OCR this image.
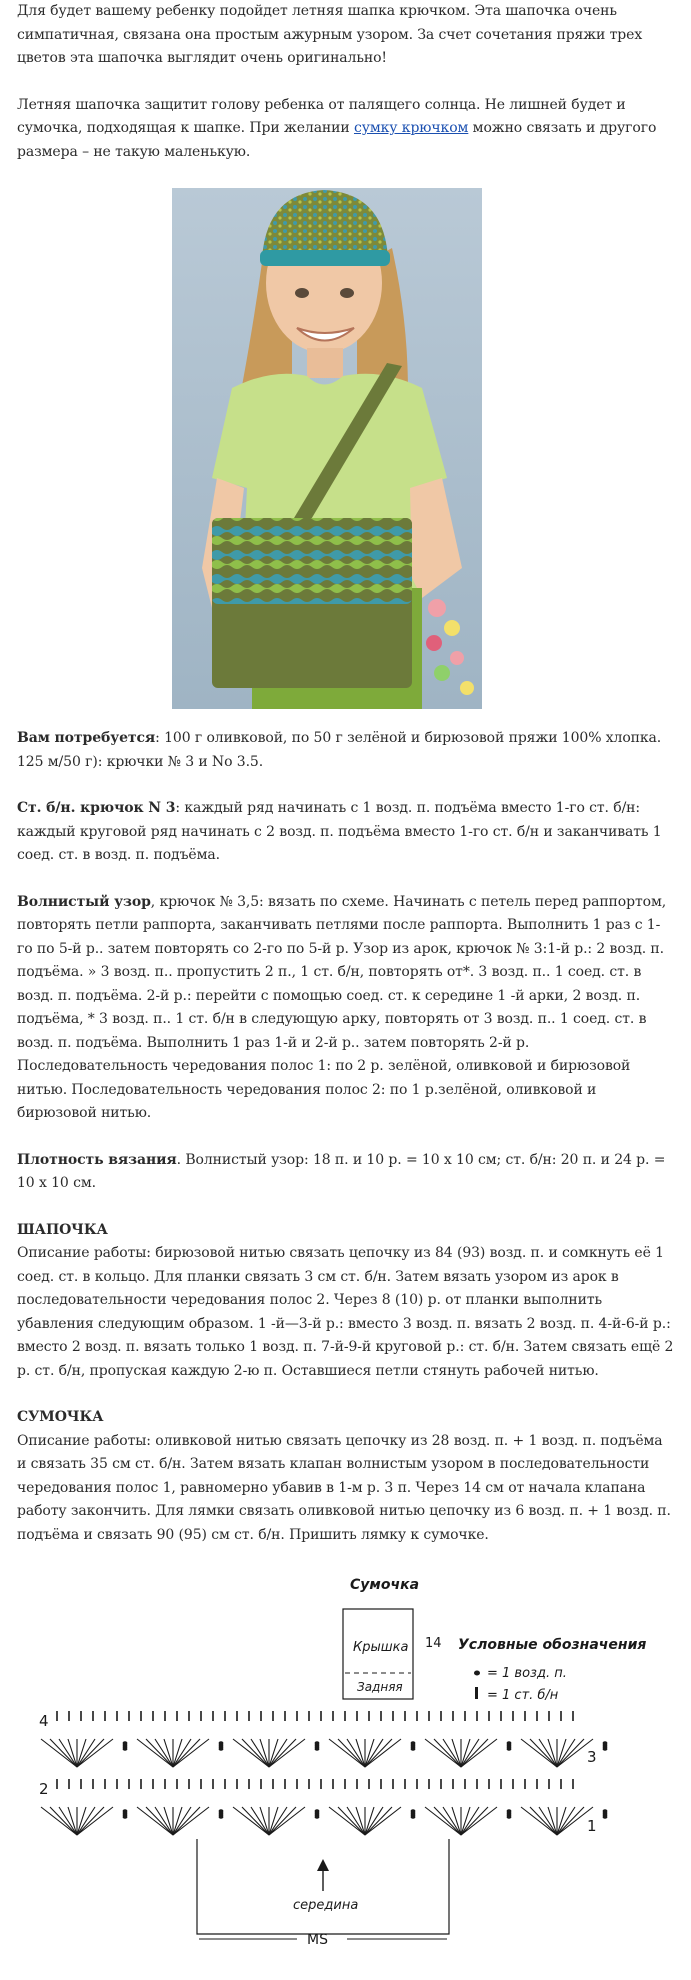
Для будет вашему ребенку подойдет летняя шапка крючком. Эта шапочка очень симпатичная, связана она простым ажурным узором. За счет сочетания пряжи трех цветов эта шапочка выглядит очень оригинально!

Летняя шапочка защитит голову ребенка от палящего солнца. Не лишней будет и сумочка, подходящая к шапке. При желании сумку крючком можно связать и другого размера – не такую маленькую.

Вам потребуется: 100 г оливковой, по 50 г зелёной и бирюзовой пряжи 100% хлопка. 125 м/50 г): крючки № 3 и No 3.5.

Ст. б/н. крючок N 3: каждый ряд начинать с 1 возд. п. подъёма вместо 1-го ст. б/н: каждый круговой ряд начинать с 2 возд. п. подъёма вместо 1-го ст. б/н и заканчивать 1 соед. ст. в возд. п. подъёма.

Волнистый узор, крючок № 3,5: вязать по схеме. Начинать с петель перед раппортом, повторять петли раппорта, заканчивать петлями после раппорта. Выполнить 1 раз с 1-го по 5-й р.. затем повторять со 2-го по 5-й р. Узор из арок, крючок № 3:1-й р.: 2 возд. п. подъёма. » 3 возд. п.. пропустить 2 п., 1 ст. б/н, повторять от*. 3 возд. п.. 1 соед. ст. в возд. п. подъёма. 2-й р.: перейти с помощью соед. ст. к середине 1 -й арки, 2 возд. п. подъёма, * 3 возд. п.. 1 ст. б/н в следующую арку, повторять от 3 возд. п.. 1 соед. ст. в возд. п. подъёма. Выполнить 1 раз 1-й и 2-й р.. затем повторять 2-й р. Последовательность чередования полос 1: по 2 р. зелёной, оливковой и бирюзовой нитью. Последовательность чередования полос 2: по 1 р.зелёной, оливковой и бирюзовой нитью.

Плотность вязания. Волнистый узор: 18 п. и 10 р. = 10 х 10 см; ст. б/н: 20 п. и 24 р. = 10 х 10 см.

ШАПОЧКА
Описание работы: бирюзовой нитью связать цепочку из 84 (93) возд. п. и сомкнуть её 1 соед. ст. в кольцо. Для планки связать 3 см ст. б/н. Затем вязать узором из арок в последовательности чередования полос 2. Через 8 (10) р. от планки выполнить убавления следующим образом. 1 -й—3-й р.: вместо 3 возд. п. вязать 2 возд. п. 4-й-6-й р.: вместо 2 возд. п. вязать только 1 возд. п. 7-й-9-й круговой р.: ст. б/н. Затем связать ещё 2 р. ст. б/н, пропуская каждую 2-ю п. Оставшиеся петли стянуть рабочей нитью.

СУМОЧКА
Описание работы: оливковой нитью связать цепочку из 28 возд. п. + 1 возд. п. подъёма и связать 35 см ст. б/н. Затем вязать клапан волнистым узором в последовательности чередования полос 1, равномерно убавив в 1-м р. 3 п. Через 14 см от начала клапана работу закончить. Для лямки связать оливковой нитью цепочку из 6 возд. п. + 1 возд. п. подъёма и связать 90 (95) см ст. б/н. Пришить лямку к сумочке.

Сумочка
Крышка
Задняя
14 Условные обозначения
= 1 возд. п.
= 1 ст. б/н
4
2
3
1
середина
MS
